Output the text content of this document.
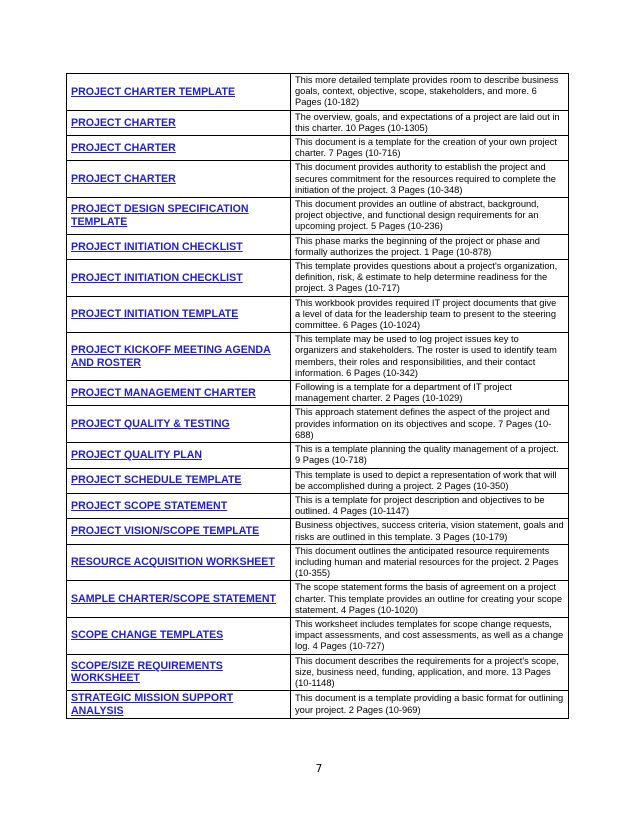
PROJECT CHARTER TEMPLATE	This more detailed template provides room to describe business goals, context, objective, scope, stakeholders, and more. 6 Pages (10-182)

PROJECT CHARTER	The overview, goals, and expectations of a project are laid out in this charter. 10 Pages (10-1305)

PROJECT CHARTER	This document is a template for the creation of your own project charter. 7 Pages (10-716)

PROJECT CHARTER	This document provides authority to establish the project and secures commitment for the resources required to complete the initiation of the project. 3 Pages (10-348)

PROJECT DESIGN SPECIFICATION TEMPLATE	This document provides an outline of abstract, background, project objective, and functional design requirements for an upcoming project. 5 Pages (10-236)

PROJECT INITIATION CHECKLIST	This phase marks the beginning of the project or phase and formally authorizes the project. 1 Page (10-878)

PROJECT INITIATION CHECKLIST	This template provides questions about a project's organization, definition, risk, & estimate to help determine readiness for the project. 3 Pages (10-717)

PROJECT INITIATION TEMPLATE	This workbook provides required IT project documents that give a level of data for the leadership team to present to the steering committee. 6 Pages (10-1024)

PROJECT KICKOFF MEETING AGENDA AND ROSTER	This template may be used to log project issues key to organizers and stakeholders. The roster is used to identify team members, their roles and responsibilities, and their contact information. 6 Pages (10-342)

PROJECT MANAGEMENT CHARTER	Following is a template for a department of IT project management charter. 2 Pages (10-1029)

PROJECT QUALITY & TESTING	This approach statement defines the aspect of the project and provides information on its objectives and scope. 7 Pages (10-688)

PROJECT QUALITY PLAN	This is a template planning the quality management of a project. 9 Pages (10-718)

PROJECT SCHEDULE TEMPLATE	This template is used to depict a representation of work that will be accomplished during a project. 2 Pages (10-350)

PROJECT SCOPE STATEMENT	This is a template for project description and objectives to be outlined. 4 Pages (10-1147)

PROJECT VISION/SCOPE TEMPLATE	Business objectives, success criteria, vision statement, goals and risks are outlined in this template. 3 Pages (10-179)

RESOURCE ACQUISITION WORKSHEET	This document outlines the anticipated resource requirements including human and material resources for the project. 2 Pages (10-355)

SAMPLE CHARTER/SCOPE STATEMENT	The scope statement forms the basis of agreement on a project charter. This template provides an outline for creating your scope statement. 4 Pages (10-1020)

SCOPE CHANGE TEMPLATES	This worksheet includes templates for scope change requests, impact assessments, and cost assessments, as well as a change log. 4 Pages (10-727)

SCOPE/SIZE REQUIREMENTS WORKSHEET	This document describes the requirements for a project's scope, size, business need, funding, application, and more. 13 Pages (10-1148)

STRATEGIC MISSION SUPPORT ANALYSIS	This document is a template providing a basic format for outlining your project. 2 Pages (10-969)
7
